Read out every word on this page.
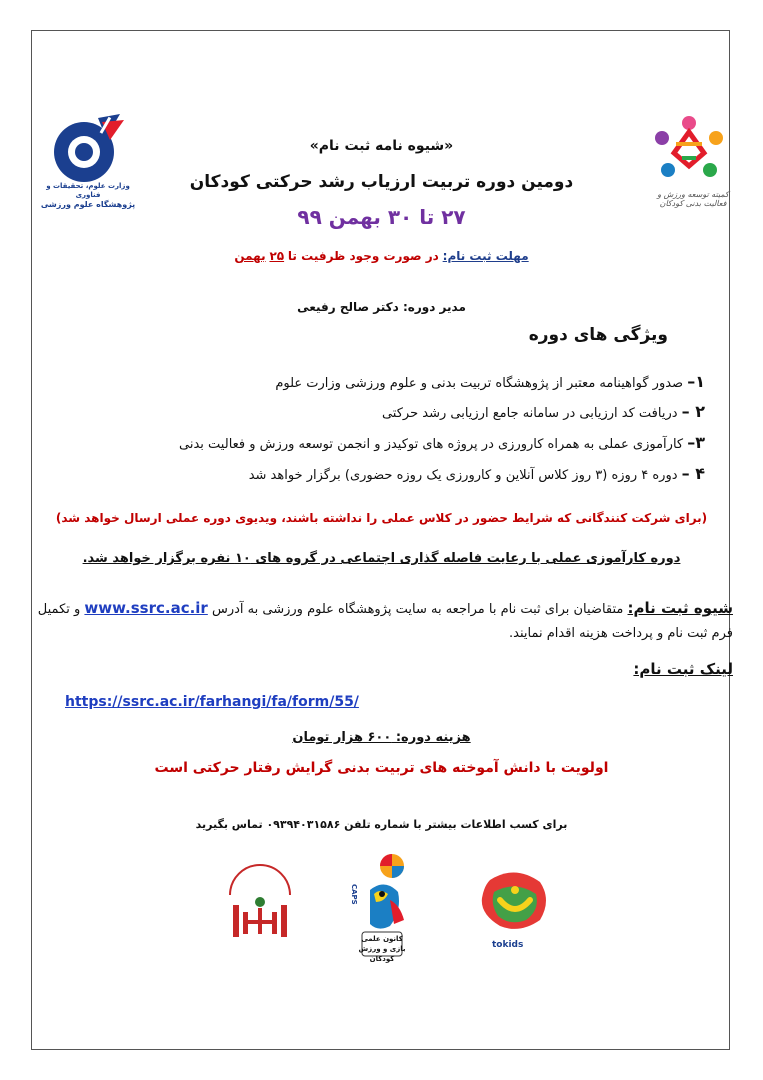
وزارت علوم، تحقیقات و فناوری
پژوهشگاه علوم ورزشی
کمیته توسعه ورزش و فعالیت بدنی کودکان
«شیوه نامه ثبت نام»
دومین دوره تربیت ارزیاب رشد حرکتی کودکان
۲۷ تا ۳۰ بهمن ۹۹
مهلت ثبت نام: در صورت وجود ظرفیت تا ۲۵ بهمن
مدیر دوره: دکتر صالح رفیعی
ویژگی های دوره
۱– صدور گواهینامه معتبر از پژوهشگاه تربیت بدنی و علوم ورزشی وزارت علوم
۲ – دریافت کد ارزیابی در سامانه جامع ارزیابی رشد حرکتی
۳– کارآموزی عملی به همراه کارورزی در پروژه های توکیدز و انجمن توسعه ورزش و فعالیت بدنی
۴ – دوره ۴ روزه (۳ روز کلاس آنلاین و کارورزی یک روزه حضوری) برگزار خواهد شد
(برای شرکت کنندگانی که شرایط حضور در کلاس عملی را نداشته باشند، ویدیوی دوره عملی ارسال خواهد شد)
دوره کارآموزی عملی با رعایت فاصله گذاری اجتماعی در گروه های ۱۰ نفره برگزار خواهد شد.
شیوه ثبت نام: متقاضیان برای ثبت نام با مراجعه به سایت پژوهشگاه علوم ورزشی به آدرس www.ssrc.ac.ir و تکمیل فرم ثبت نام و پرداخت هزینه اقدام نمایند.
لینک ثبت نام:
https://ssrc.ac.ir/farhangi/fa/form/55/
هزینه دوره: ۶۰۰ هزار تومان
اولویت با دانش آموخته های تربیت بدنی گرایش رفتار حرکتی است
برای کسب اطلاعات بیشتر با شماره تلفن ۰۹۳۹۴۰۳۱۵۸۶ تماس بگیرید
CAPS
کانون علمی بازی و ورزش کودکان
tokids
